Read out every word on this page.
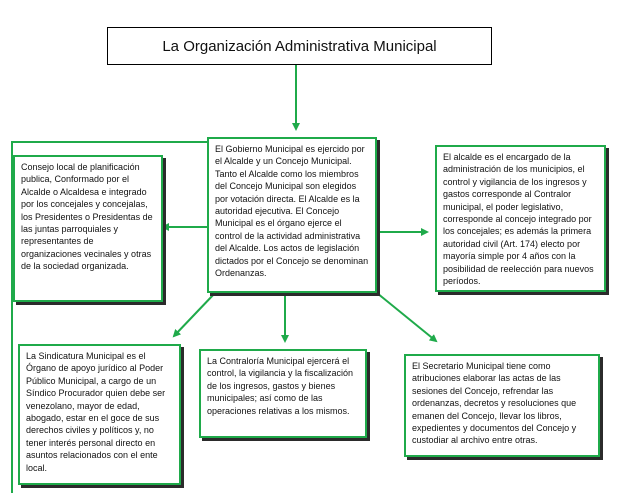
La Organización Administrativa Municipal
El Gobierno Municipal es ejercido por el Alcalde y un Concejo Municipal. Tanto el Alcalde como los miembros del Concejo Municipal son elegidos por votación directa. El Alcalde es la autoridad ejecutiva. El Concejo Municipal es el órgano ejerce el control de la actividad administrativa del Alcalde. Los actos de legislación dictados por el Concejo se denominan Ordenanzas.
Consejo local de planificación publica, Conformado por el Alcalde o Alcaldesa e integrado por los concejales y concejalas, los Presidentes o Presidentas de las juntas parroquiales y representantes de organizaciones vecinales y otras de la sociedad organizada.
El alcalde es el encargado de la administración de los municipios, el control y vigilancia de los ingresos y gastos corresponde al Contralor municipal, el poder legislativo, corresponde al concejo integrado por los concejales; es además la primera autoridad civil (Art. 174) electo por mayoría simple por 4 años con la posibilidad de reelección para nuevos períodos.
La Sindicatura Municipal es el Órgano de apoyo jurídico al Poder Público Municipal, a cargo de un Síndico Procurador quien debe ser venezolano, mayor de edad, abogado, estar en el goce de sus derechos civiles y políticos y, no tener interés personal directo en asuntos relacionados con el ente local.
La Contraloría Municipal ejercerá el control, la vigilancia y la fiscalización de los ingresos, gastos y bienes municipales; así como de las operaciones relativas a los mismos.
El Secretario Municipal tiene como atribuciones elaborar las actas de las sesiones del Concejo, refrendar las ordenanzas, decretos y resoluciones que emanen del Concejo, llevar los libros, expedientes y documentos del Concejo y custodiar al archivo entre otras.
